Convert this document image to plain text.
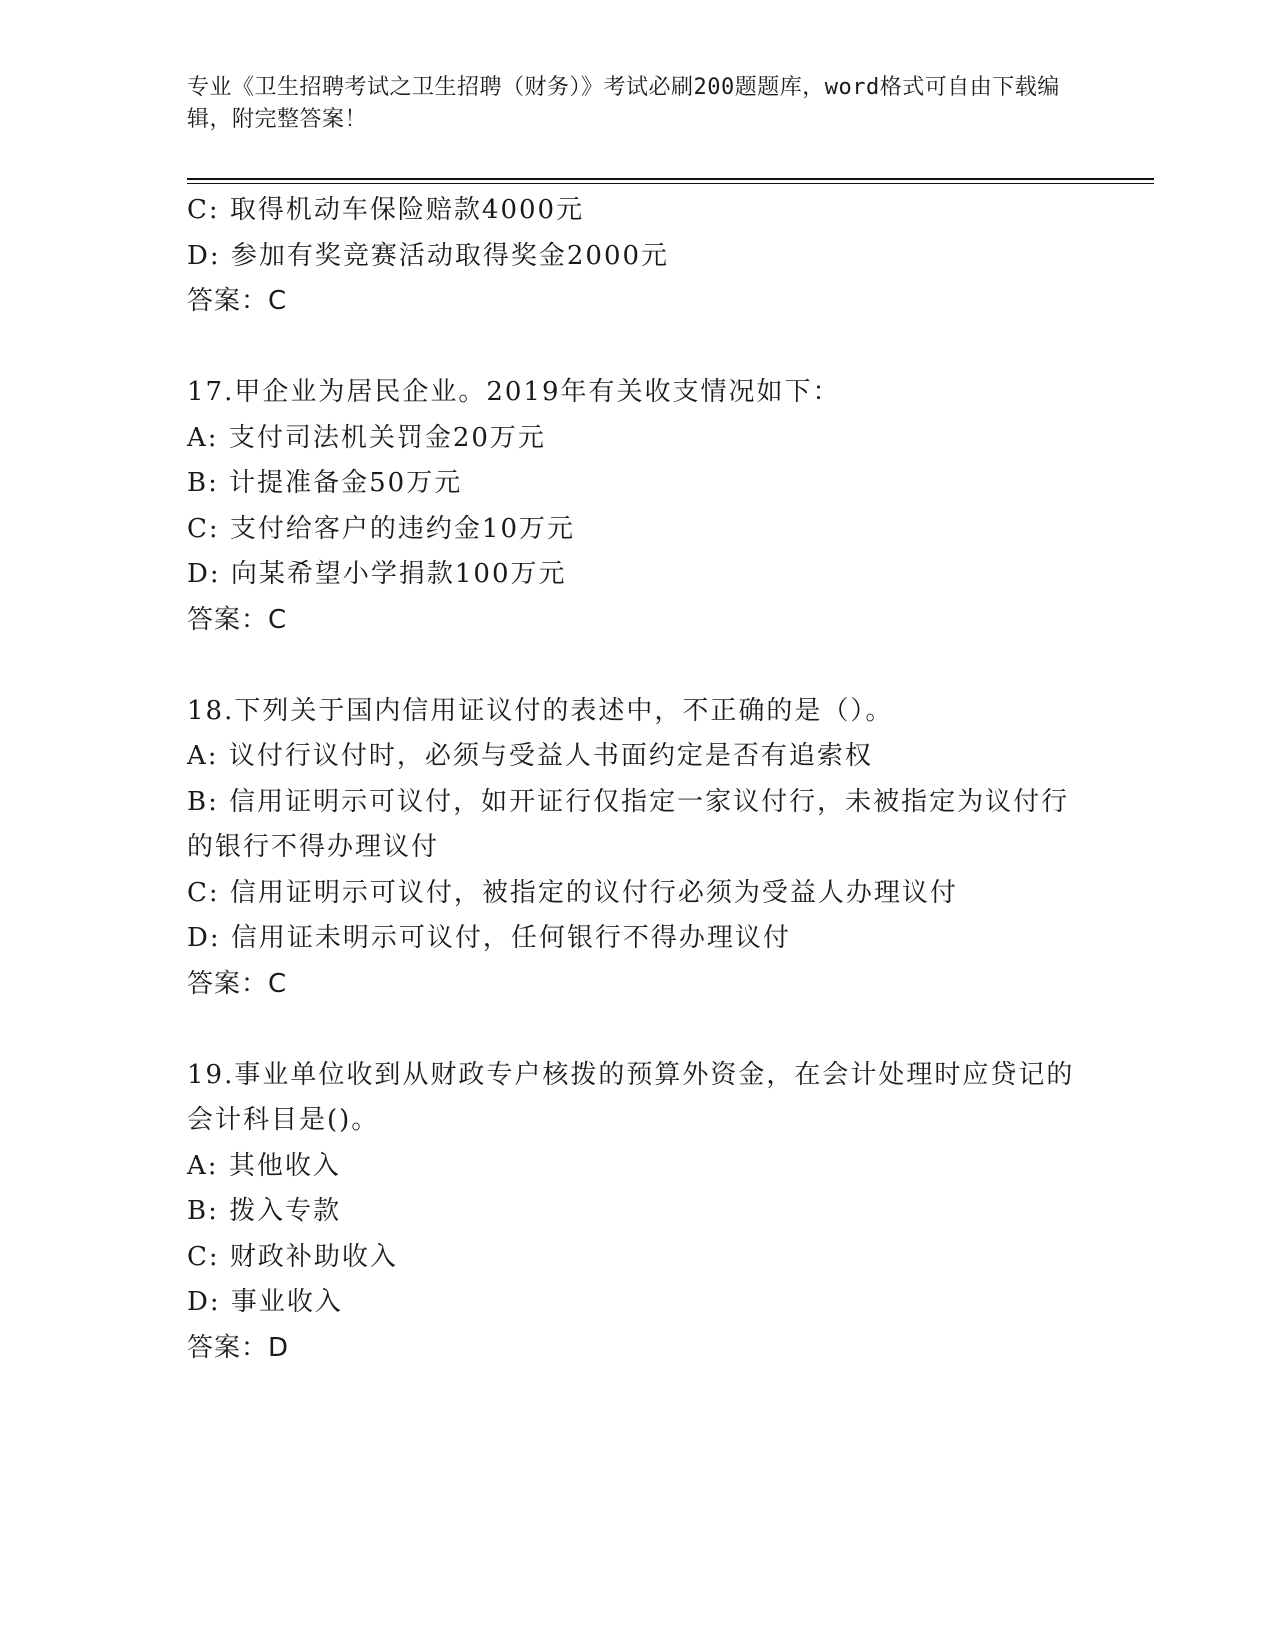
专业《卫生招聘考试之卫生招聘（财务）》考试必刷200题题库，word格式可自由下载编辑，附完整答案！
C: 取得机动车保险赔款4000元
D: 参加有奖竞赛活动取得奖金2000元
答案：C
17.甲企业为居民企业。2019年有关收支情况如下：
A: 支付司法机关罚金20万元
B: 计提准备金50万元
C: 支付给客户的违约金10万元
D: 向某希望小学捐款100万元
答案：C
18.下列关于国内信用证议付的表述中，不正确的是（）。
A: 议付行议付时，必须与受益人书面约定是否有追索权
B: 信用证明示可议付，如开证行仅指定一家议付行，未被指定为议付行的银行不得办理议付
C: 信用证明示可议付，被指定的议付行必须为受益人办理议付
D: 信用证未明示可议付，任何银行不得办理议付
答案：C
19.事业单位收到从财政专户核拨的预算外资金，在会计处理时应贷记的会计科目是()。
A: 其他收入
B: 拨入专款
C: 财政补助收入
D: 事业收入
答案：D
